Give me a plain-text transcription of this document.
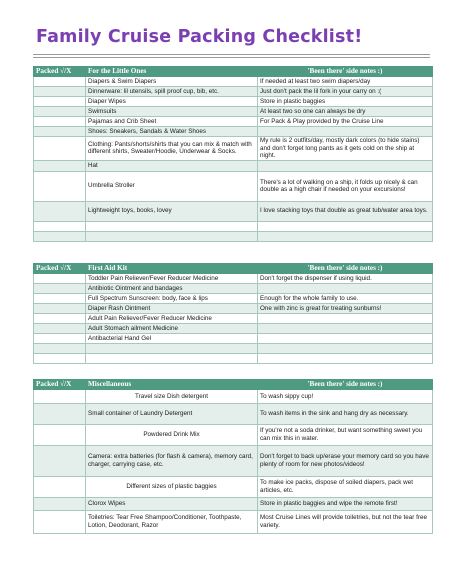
Family Cruise Packing Checklist!
Packed √/X	For the Little Ones	'Been there' side notes :)
	Diapers & Swim Diapers	If needed at least two swim diapers/day
	Dinnerware: lil utensils, spill proof cup, bib, etc.	Just don't pack the lil fork in your carry on :(
	Diaper Wipes	Store in plastic baggies
	Swimsuits	At least two so one can always be dry
	Pajamas and Crib Sheet	For Pack & Play provided by the Cruise Line
	Shoes: Sneakers, Sandals & Water Shoes	
	Clothing: Pants/shorts/shirts that you can mix & match with different shirts, Sweater/Hoodie, Underwear & Socks.	My rule is 2 outfits/day, mostly dark colors (to hide stains) and don't forget long pants as it gets cold on the ship at night.
	Hat	
	Umbrella Stroller	There's a lot of walking on a ship, it folds up nicely & can double as a high chair if needed on your excursions!
	Lightweight toys, books, lovey	I love stacking toys that double as great tub/water area toys.

Packed √/X	First Aid Kit	'Been there' side notes :)
	Toddler Pain Reliever/Fever Reducer Medicine	Don't forget the dispenser if using liquid.
	Antibiotic Ointment and bandages	
	Full Spectrum Sunscreen: body, face & lips	Enough for the whole family to use.
	Diaper Rash Ointment	One with zinc is great for treating sunburns!
	Adult Pain Reliever/Fever Reducer Medicine	
	Adult Stomach ailment Medicine	
	Antibacterial Hand Gel	

Packed √/X	Miscellaneous	'Been there' side notes :)
	Travel size Dish detergent	To wash sippy cup!
	Small container of Laundry Detergent	To wash items in the sink and hang dry as necessary.
	Powdered Drink Mix	If you're not a soda drinker, but want something sweet you can mix this in water.
	Camera: extra batteries (for flash & camera), memory card, charger, carrying case, etc.	Don't forget to back up/erase your memory card so you have plenty of room for new photos/videos!
	Different sizes of plastic baggies	To make ice packs, dispose of soiled diapers, pack wet articles, etc.
	Clorox Wipes	Store in plastic baggies and wipe the remote first!
	Toiletries: Tear Free Shampoo/Conditioner, Toothpaste, Lotion, Deodorant, Razor	Most Cruise Lines will provide toiletries, but not the tear free variety.
